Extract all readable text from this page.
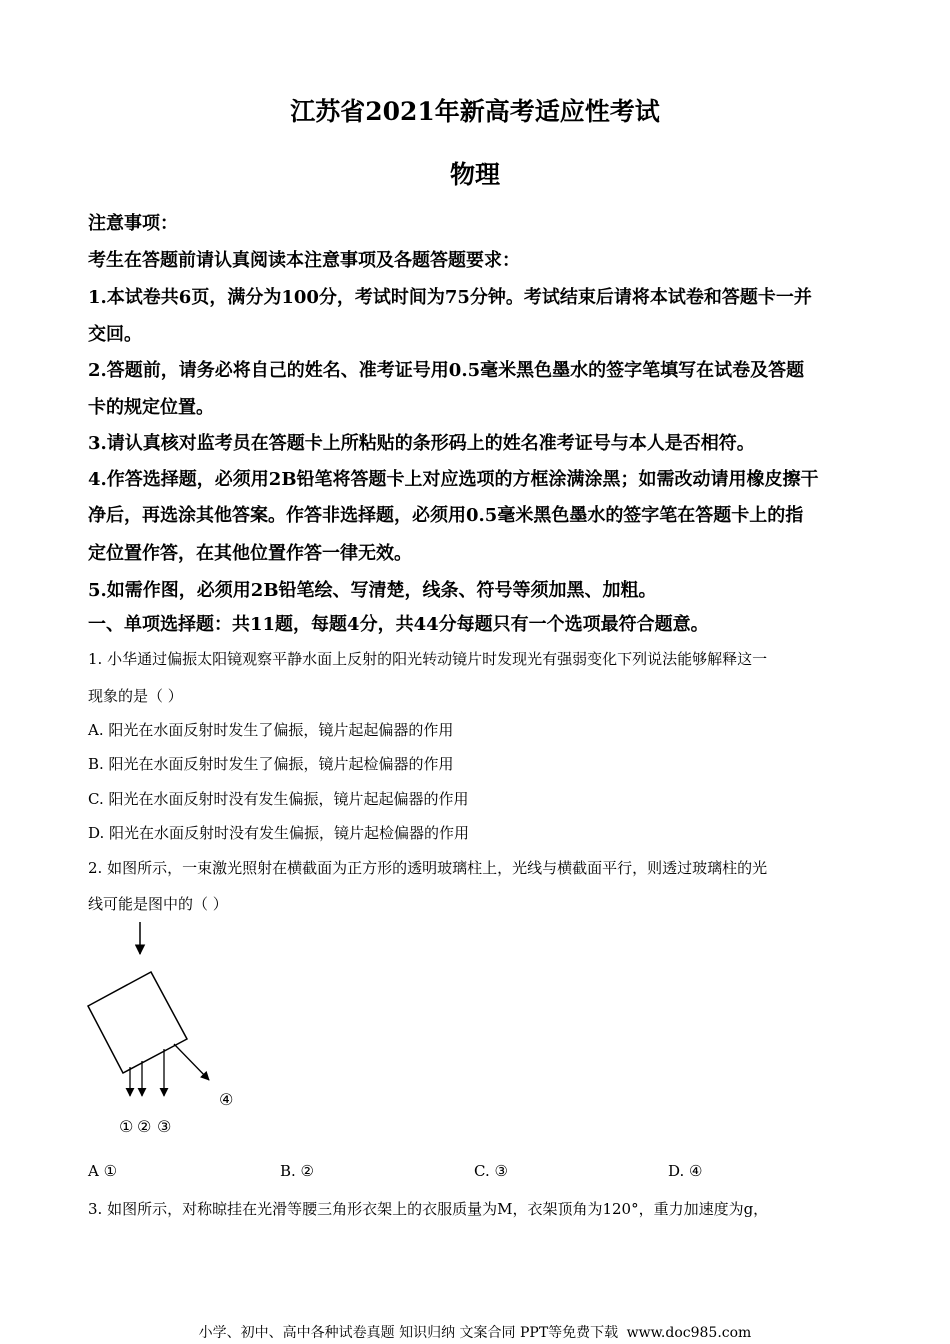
江苏省2021年新高考适应性考试
物理
注意事项：
考生在答题前请认真阅读本注意事项及各题答题要求：
1.本试卷共6页，满分为100分，考试时间为75分钟。考试结束后请将本试卷和答题卡一并
交回。
2.答题前，请务必将自己的姓名、准考证号用0.5毫米黑色墨水的签字笔填写在试卷及答题
卡的规定位置。
3.请认真核对监考员在答题卡上所粘贴的条形码上的姓名准考证号与本人是否相符。
4.作答选择题，必须用2B铅笔将答题卡上对应选项的方框涂满涂黑；如需改动请用橡皮擦干
净后，再选涂其他答案。作答非选择题，必须用0.5毫米黑色墨水的签字笔在答题卡上的指
定位置作答，在其他位置作答一律无效。
5.如需作图，必须用2B铅笔绘、写清楚，线条、符号等须加黑、加粗。
一、单项选择题：共11题，每题4分，共44分每题只有一个选项最符合题意。
1. 小华通过偏振太阳镜观察平静水面上反射的阳光转动镜片时发现光有强弱变化下列说法能够解释这一
现象的是（ ）
A. 阳光在水面反射时发生了偏振，镜片起起偏器的作用
B. 阳光在水面反射时发生了偏振，镜片起检偏器的作用
C. 阳光在水面反射时没有发生偏振，镜片起起偏器的作用
D. 阳光在水面反射时没有发生偏振，镜片起检偏器的作用
2. 如图所示，一束激光照射在横截面为正方形的透明玻璃柱上，光线与横截面平行，则透过玻璃柱的光
线可能是图中的（ ）
① ② ③
④
A ①	B. ②	C. ③	D. ④
3. 如图所示，对称晾挂在光滑等腰三角形衣架上的衣服质量为M，衣架顶角为120°，重力加速度为g，
小学、初中、高中各种试卷真题 知识归纳 文案合同 PPT等免费下载 www.doc985.com
